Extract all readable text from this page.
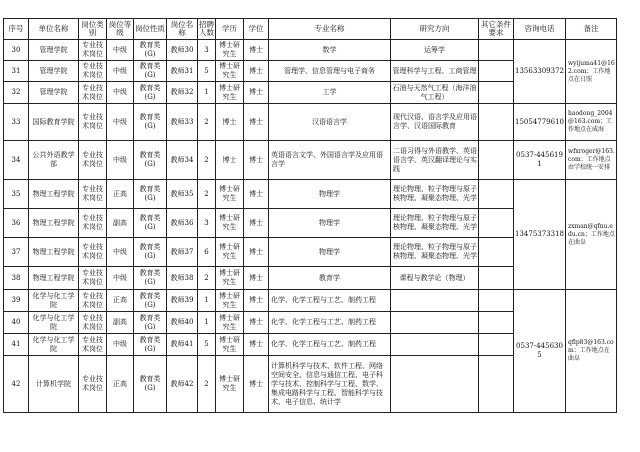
序号	单位名称	岗位类别	岗位等级	岗位性质	岗位名称	招聘人数	学历	学位	专业名称	研究方向	其它条件要求	咨询电话	备注
30	管理学院	专业技术岗位	中级	教育类(G)	教师30	3	博士研究生	博士	数学	运筹学		13563309372	wyijuma41@162.com；工作地点在日照
31	管理学院	专业技术岗位	中级	教育类(G)	教师31	5	博士研究生	博士	管理学、信息管理与电子商务	管理科学与工程、工商管理			
32	管理学院	专业技术岗位	中级	教育类(G)	教师32	1	博士研究生	博士	工学	石油与天然气工程（海洋油气工程）			
33	国际教育学院	专业技术岗位	中级	教育类(G)	教师33	2	博士	博士	汉语语言学	现代汉语、语言学及应用语言学、汉语国际教育		15054779610	haodong_2004@163.com；工作地点在威海
34	公共外语教学部	专业技术岗位	中级	教育类(G)	教师34	2	博士	博士	英语语言文学、外国语言学及应用语言学	二语习得与外语教学、英语语言学、英汉翻译理论与实践		0537-4456191	wfxroger@163.com；工作地点由学校统一安排
35	物理工程学院	专业技术岗位	正高	教育类(G)	教师35	2	博士研究生	博士	物理学	理论物理、粒子物理与原子核物理、凝聚态物理、光学		13475373318	zxman@qfnu.edu.cn；工作地点在曲阜
36	物理工程学院	专业技术岗位	副高	教育类(G)	教师36	3	博士研究生	博士	物理学	理论物理、粒子物理与原子核物理、凝聚态物理、光学			
37	物理工程学院	专业技术岗位	中级	教育类(G)	教师37	6	博士研究生	博士	物理学	理论物理、粒子物理与原子核物理、凝聚态物理、光学			
38	物理工程学院	专业技术岗位	中级	教育类(G)	教师38	2	博士研究生	博士	教育学	课程与教学论（物理）			
39	化学与化工学院	专业技术岗位	正高	教育类(G)	教师39	1	博士研究生	博士	化学、化学工程与工艺、制药工程			0537-4456305	qflp83@163.com；工作地点在曲阜
40	化学与化工学院	专业技术岗位	副高	教育类(G)	教师40	1	博士研究生	博士	化学、化学工程与工艺、制药工程				
41	化学与化工学院	专业技术岗位	中级	教育类(G)	教师41	5	博士研究生	博士	化学、化学工程与工艺、制药工程				
42	计算机学院	专业技术岗位	正高	教育类(G)	教师42	2	博士研究生	博士	计算机科学与技术、软件工程、网络空间安全、信息与通信工程、电子科学与技术、控制科学与工程、数学、集成电路科学与工程、智能科学与技术、电子信息、统计学				
